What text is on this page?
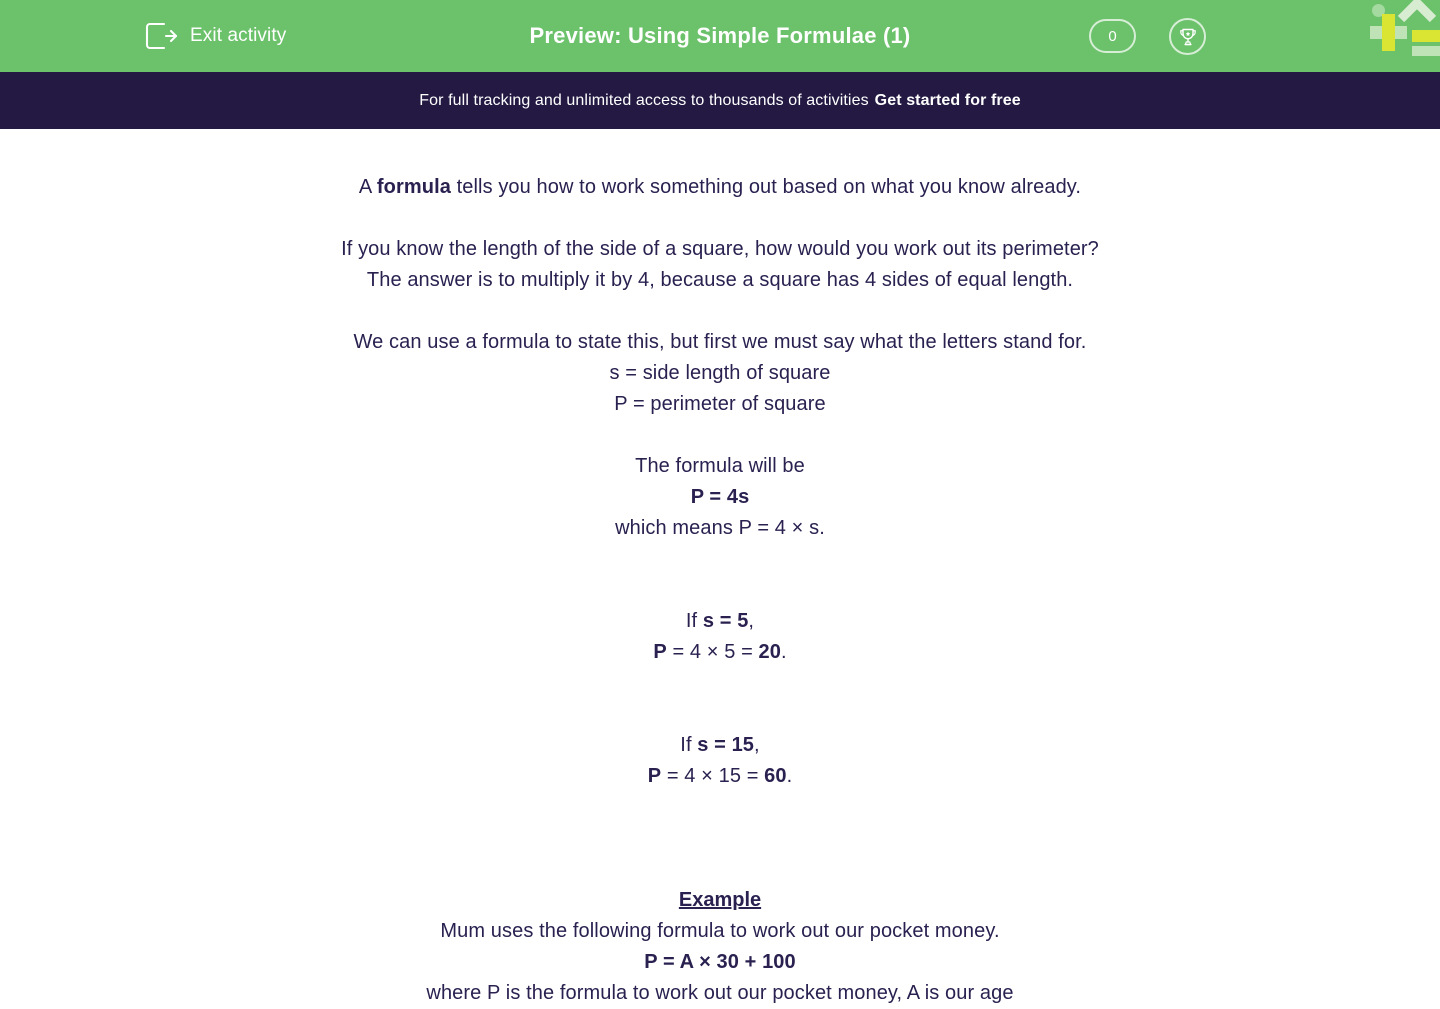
Exit activity	Preview: Using Simple Formulae (1)	0
For full tracking and unlimited access to thousands of activities Get started for free
A formula tells you how to work something out based on what you know already.
If you know the length of the side of a square, how would you work out its perimeter?
The answer is to multiply it by 4, because a square has 4 sides of equal length.
We can use a formula to state this, but first we must say what the letters stand for.
s = side length of square
P = perimeter of square
The formula will be
P = 4s
which means P = 4 × s.
If s = 5,
P = 4 × 5 = 20.
If s = 15,
P = 4 × 15 = 60.
Example
Mum uses the following formula to work out our pocket money.
P = A × 30 + 100
where P is the formula to work out our pocket money, A is our age
